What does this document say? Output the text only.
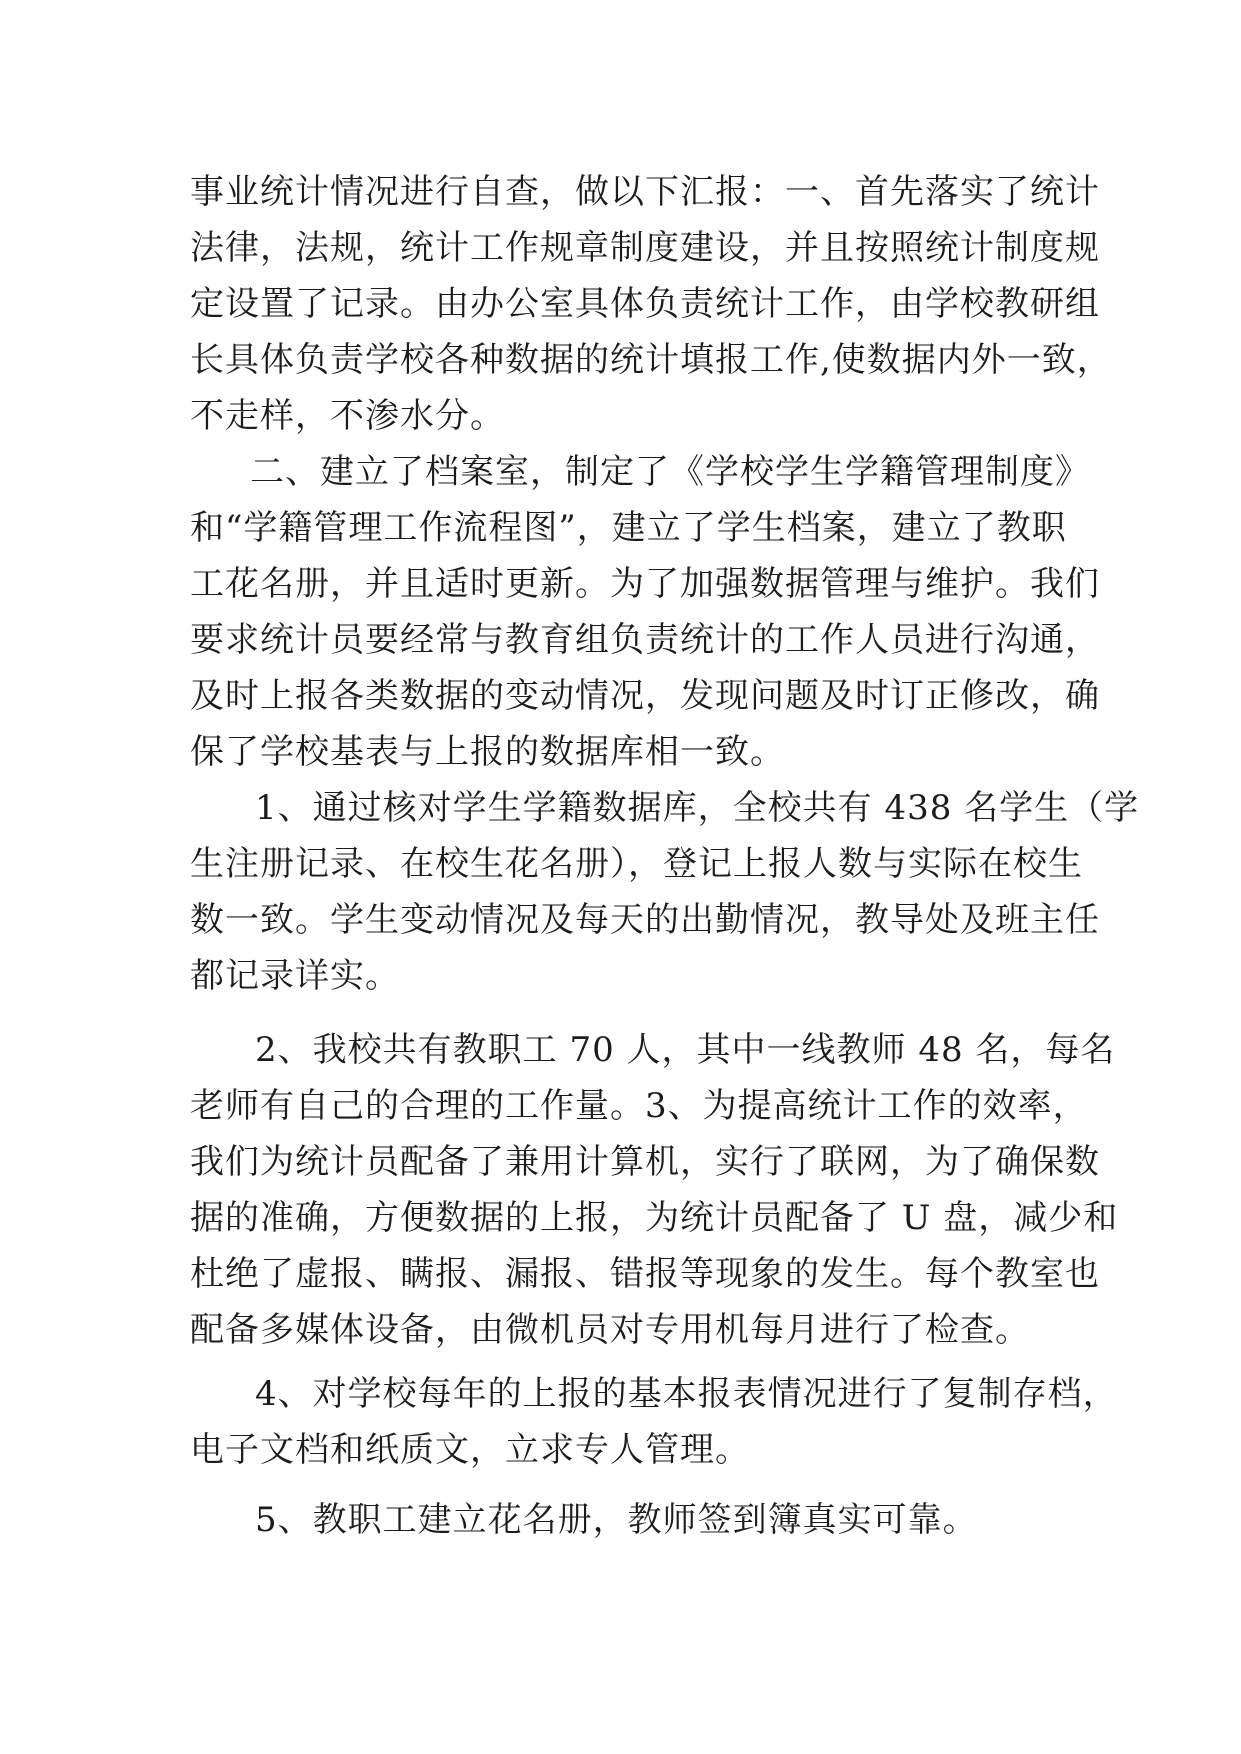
事业统计情况进行自查，做以下汇报：一、首先落实了统计
法律，法规，统计工作规章制度建设，并且按照统计制度规
定设置了记录。由办公室具体负责统计工作，由学校教研组
长具体负责学校各种数据的统计填报工作,使数据内外一致，
不走样，不渗水分。
二、建立了档案室，制定了《学校学生学籍管理制度》
和“学籍管理工作流程图”，建立了学生档案，建立了教职
工花名册，并且适时更新。为了加强数据管理与维护。我们
要求统计员要经常与教育组负责统计的工作人员进行沟通，
及时上报各类数据的变动情况，发现问题及时订正修改，确
保了学校基表与上报的数据库相一致。
1、通过核对学生学籍数据库，全校共有 438 名学生（学
生注册记录、在校生花名册），登记上报人数与实际在校生
数一致。学生变动情况及每天的出勤情况，教导处及班主任
都记录详实。
2、我校共有教职工 70 人，其中一线教师 48 名，每名
老师有自己的合理的工作量。3、为提高统计工作的效率，
我们为统计员配备了兼用计算机，实行了联网，为了确保数
据的准确，方便数据的上报，为统计员配备了 U 盘，减少和
杜绝了虚报、瞒报、漏报、错报等现象的发生。每个教室也
配备多媒体设备，由微机员对专用机每月进行了检查。
4、对学校每年的上报的基本报表情况进行了复制存档，
电子文档和纸质文，立求专人管理。
5、教职工建立花名册，教师签到簿真实可靠。
